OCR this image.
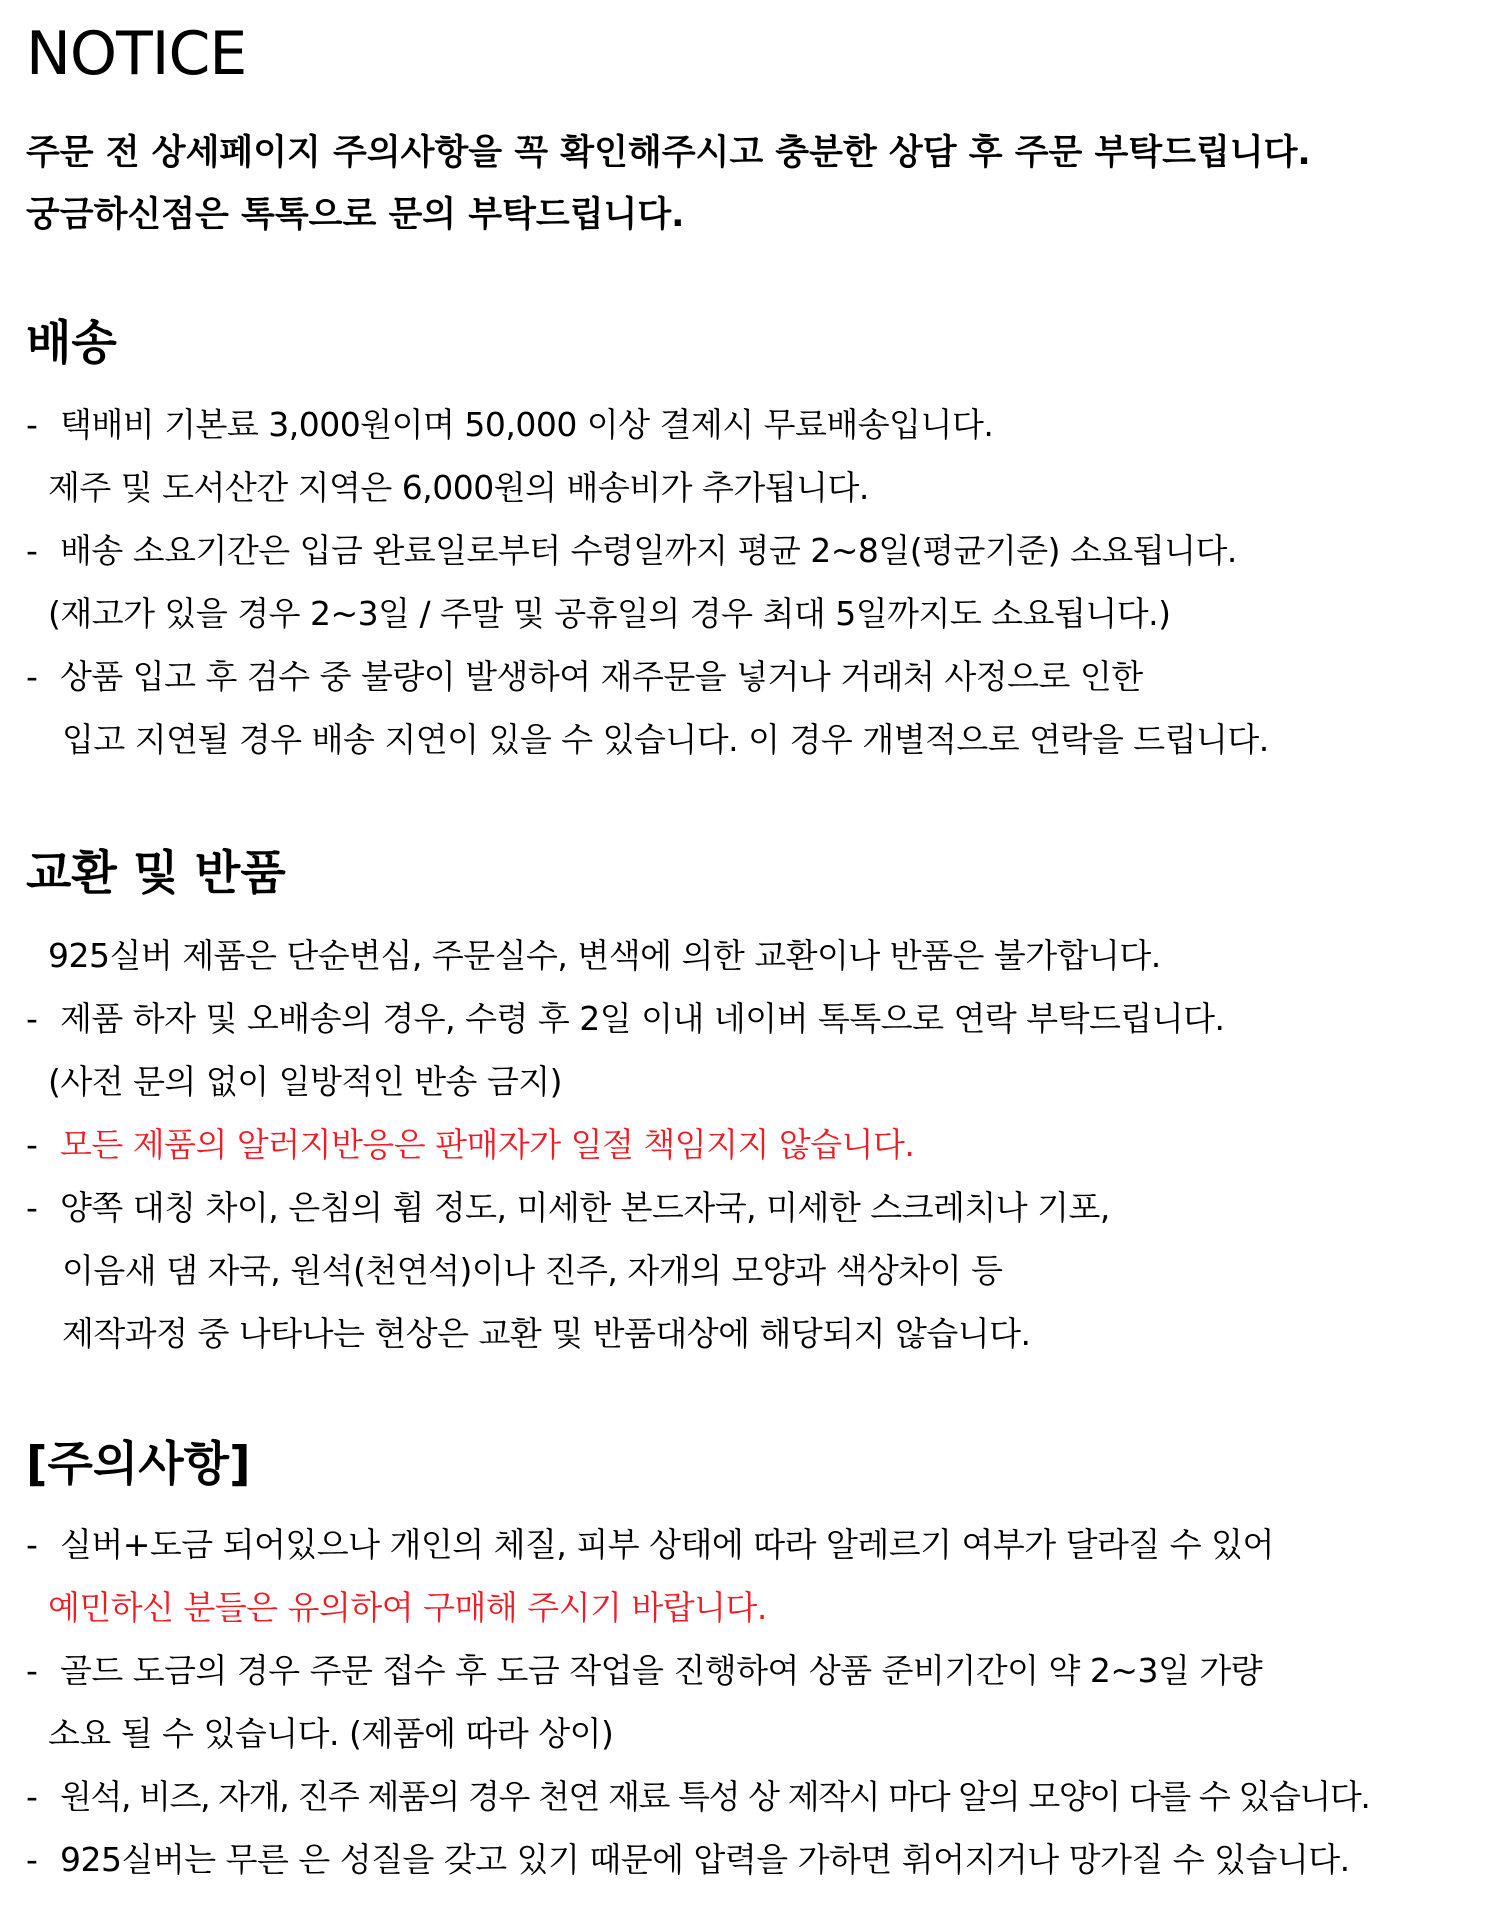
NOTICE
주문 전 상세페이지 주의사항을 꼭 확인해주시고 충분한 상담 후 주문 부탁드립니다.
궁금하신점은 톡톡으로 문의 부탁드립니다.
배송
- 택배비 기본료 3,000원이며 50,000 이상 결제시 무료배송입니다.
제주 및 도서산간 지역은 6,000원의 배송비가 추가됩니다.
- 배송 소요기간은 입금 완료일로부터 수령일까지 평균 2~8일(평균기준) 소요됩니다.
(재고가 있을 경우 2~3일 / 주말 및 공휴일의 경우 최대 5일까지도 소요됩니다.)
- 상품 입고 후 검수 중 불량이 발생하여 재주문을 넣거나 거래처 사정으로 인한
입고 지연될 경우 배송 지연이 있을 수 있습니다. 이 경우 개별적으로 연락을 드립니다.
교환 및 반품
925실버 제품은 단순변심, 주문실수, 변색에 의한 교환이나 반품은 불가합니다.
- 제품 하자 및 오배송의 경우, 수령 후 2일 이내 네이버 톡톡으로 연락 부탁드립니다.
(사전 문의 없이 일방적인 반송 금지)
- 모든 제품의 알러지반응은 판매자가 일절 책임지지 않습니다.
- 양쪽 대칭 차이, 은침의 휨 정도, 미세한 본드자국, 미세한 스크레치나 기포,
이음새 댐 자국, 원석(천연석)이나 진주, 자개의 모양과 색상차이 등
제작과정 중 나타나는 현상은 교환 및 반품대상에 해당되지 않습니다.
[주의사항]
- 실버+도금 되어있으나 개인의 체질, 피부 상태에 따라 알레르기 여부가 달라질 수 있어
예민하신 분들은 유의하여 구매해 주시기 바랍니다.
- 골드 도금의 경우 주문 접수 후 도금 작업을 진행하여 상품 준비기간이 약 2~3일 가량
소요 될 수 있습니다. (제품에 따라 상이)
- 원석, 비즈, 자개, 진주 제품의 경우 천연 재료 특성 상 제작시 마다 알의 모양이 다를 수 있습니다.
- 925실버는 무른 은 성질을 갖고 있기 때문에 압력을 가하면 휘어지거나 망가질 수 있습니다.
